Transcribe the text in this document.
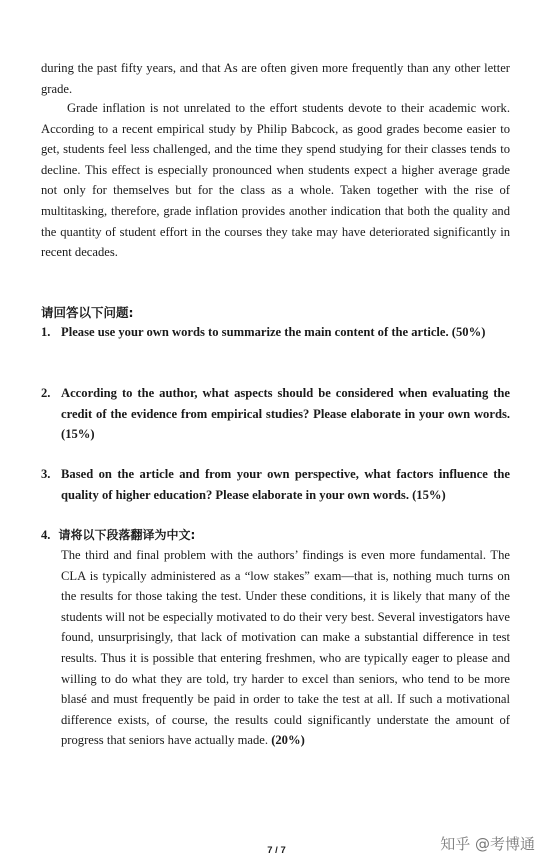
during the past fifty years, and that As are often given more frequently than any other letter grade.

Grade inflation is not unrelated to the effort students devote to their academic work. According to a recent empirical study by Philip Babcock, as good grades become easier to get, students feel less challenged, and the time they spend studying for their classes tends to decline. This effect is especially pronounced when students expect a higher average grade not only for themselves but for the class as a whole. Taken together with the rise of multitasking, therefore, grade inflation provides another indication that both the quality and the quantity of student effort in the courses they take may have deteriorated significantly in recent decades.

请回答以下问题:
1. Please use your own words to summarize the main content of the article. (50%)
2. According to the author, what aspects should be considered when evaluating the credit of the evidence from empirical studies? Please elaborate in your own words. (15%)
3. Based on the article and from your own perspective, what factors influence the quality of higher education? Please elaborate in your own words. (15%)
4. 请将以下段落翻译为中文:

The third and final problem with the authors’ findings is even more fundamental. The CLA is typically administered as a “low stakes” exam—that is, nothing much turns on the results for those taking the test. Under these conditions, it is likely that many of the students will not be especially motivated to do their very best. Several investigators have found, unsurprisingly, that lack of motivation can make a substantial difference in test results. Thus it is possible that entering freshmen, who are typically eager to please and willing to do what they are told, try harder to excel than seniors, who tend to be more blasé and must frequently be paid in order to take the test at all. If such a motivational difference exists, of course, the results could significantly understate the amount of progress that seniors have actually made. (20%)

7 / 7	知乎 @考博通
